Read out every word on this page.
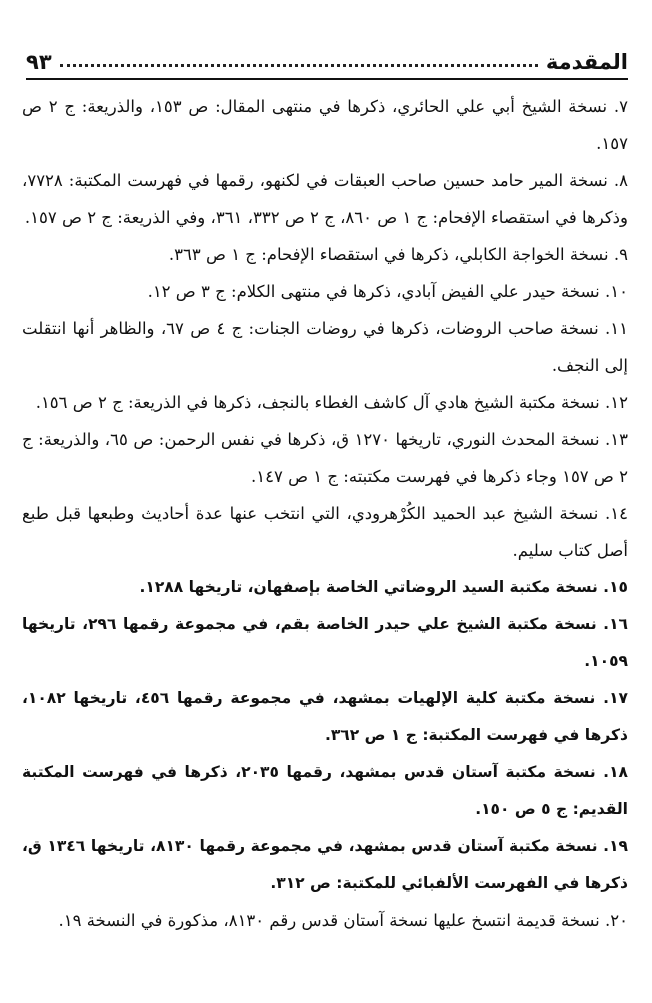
المقدمة
٩٣

٧. نسخة الشيخ أبي علي الحائري، ذكرها في منتهى المقال: ص ١٥٣، والذريعة: ج ٢ ص ١٥٧.

٨. نسخة المير حامد حسين صاحب العبقات في لكنهو، رقمها في فهرست المكتبة: ٧٧٢٨، وذكرها في استقصاء الإفحام: ج ١ ص ٨٦٠، ج ٢ ص ٣٣٢، ٣٦١، وفي الذريعة: ج ٢ ص ١٥٧.

٩. نسخة الخواجة الكابلي، ذكرها في استقصاء الإفحام: ج ١ ص ٣٦٣.

١٠. نسخة حيدر علي الفيض آبادي، ذكرها في منتهى الكلام: ج ٣ ص ١٢.

١١. نسخة صاحب الروضات، ذكرها في روضات الجنات: ج ٤ ص ٦٧، والظاهر أنها انتقلت إلى النجف.

١٢. نسخة مكتبة الشيخ هادي آل كاشف الغطاء بالنجف، ذكرها في الذريعة: ج ٢ ص ١٥٦.

١٣. نسخة المحدث النوري، تاريخها ١٢٧٠ ق، ذكرها في نفس الرحمن: ص ٦٥، والذريعة: ج ٢ ص ١٥٧ وجاء ذكرها في فهرست مكتبته: ج ١ ص ١٤٧.

١٤. نسخة الشيخ عبد الحميد الكُرْهرودي، التي انتخب عنها عدة أحاديث وطبعها قبل طبع أصل كتاب سليم.

١٥. نسخة مكتبة السيد الروضاتي الخاصة بإصفهان، تاريخها ١٢٨٨.

١٦. نسخة مكتبة الشيخ علي حيدر الخاصة بقم، في مجموعة رقمها ٢٩٦، تاريخها ١٠٥٩.

١٧. نسخة مكتبة كلية الإلهيات بمشهد، في مجموعة رقمها ٤٥٦، تاريخها ١٠٨٢، ذكرها في فهرست المكتبة: ج ١ ص ٣٦٢.

١٨. نسخة مكتبة آستان قدس بمشهد، رقمها ٢٠٣٥، ذكرها في فهرست المكتبة القديم: ج ٥ ص ١٥٠.

١٩. نسخة مكتبة آستان قدس بمشهد، في مجموعة رقمها ٨١٣٠، تاريخها ١٣٤٦ ق، ذكرها في الفهرست الألفبائي للمكتبة: ص ٣١٢.

٢٠. نسخة قديمة انتسخ عليها نسخة آستان قدس رقم ٨١٣٠، مذكورة في النسخة ١٩.
